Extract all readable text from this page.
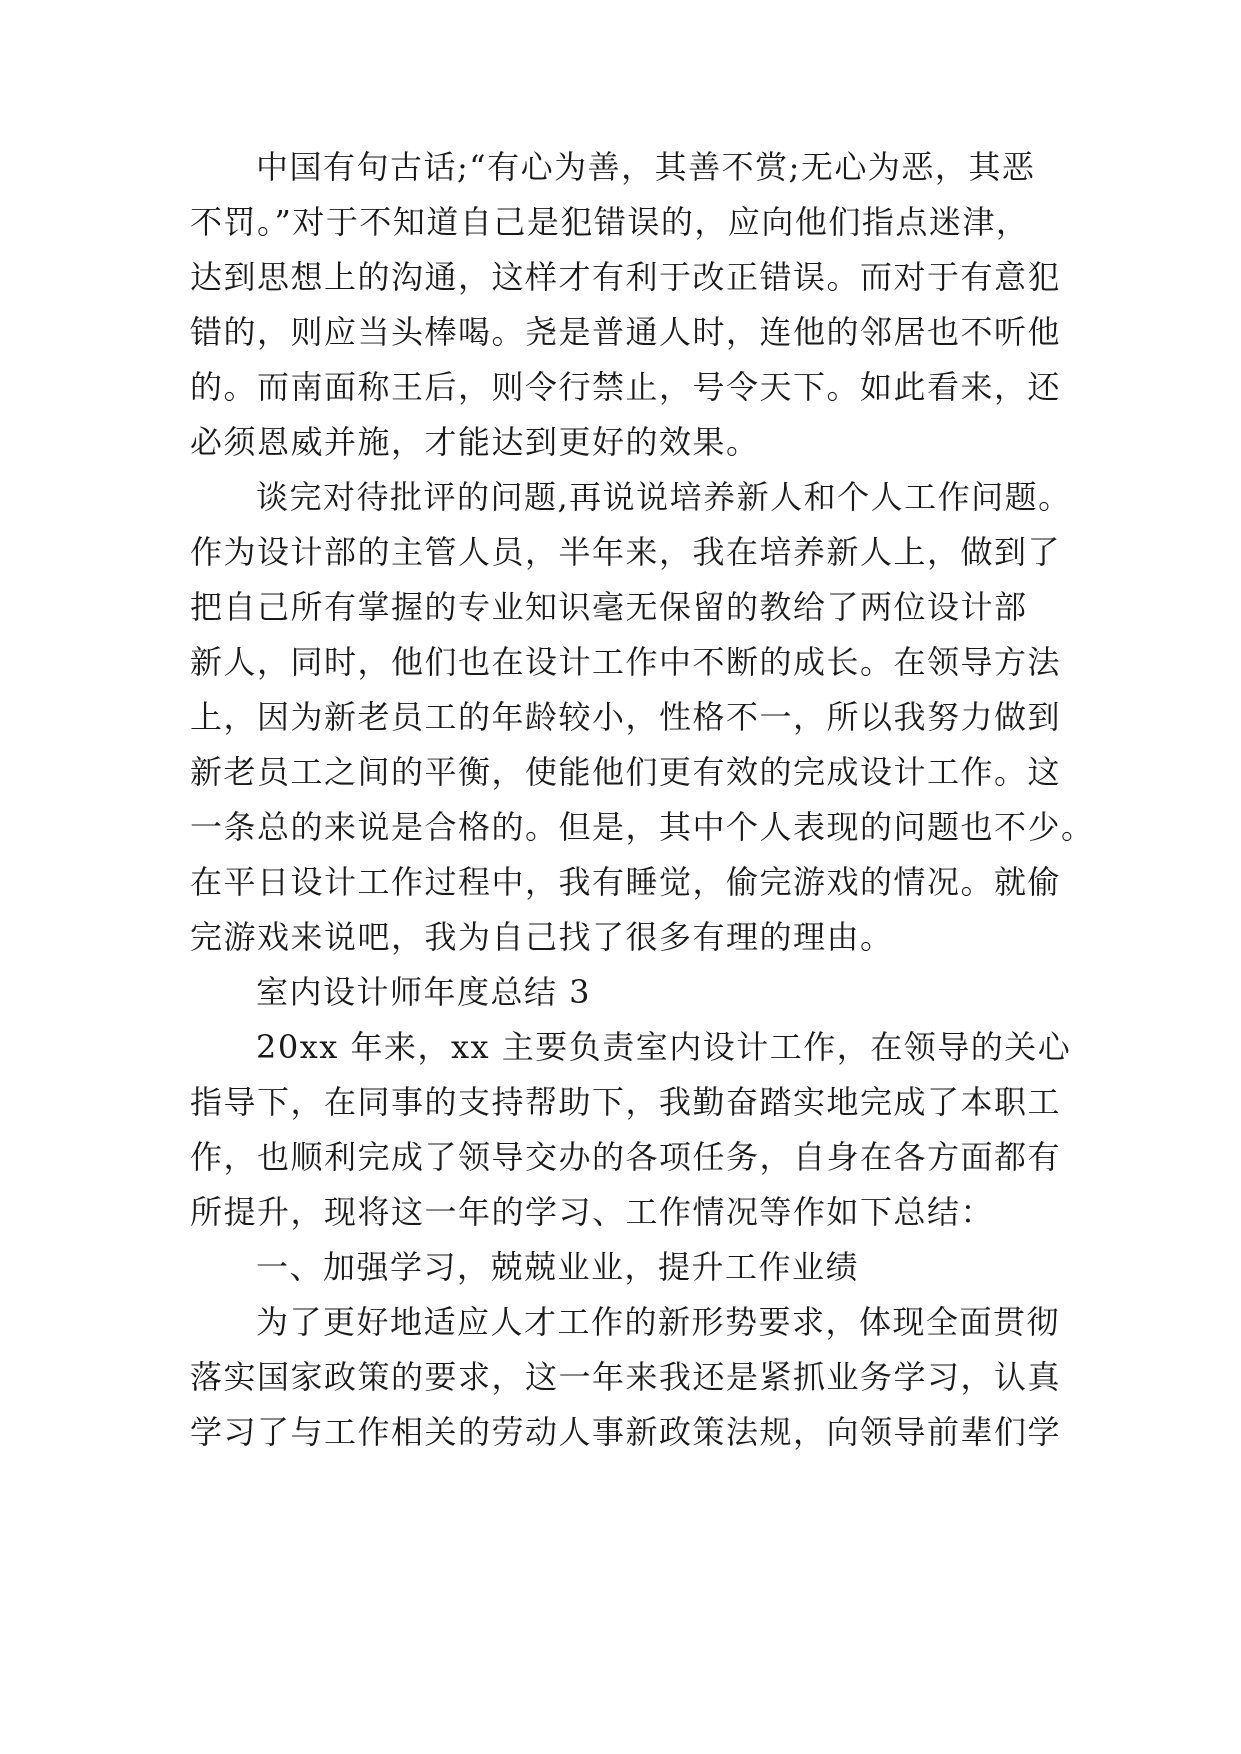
中国有句古话;“有心为善，其善不赏;无心为恶，其恶
不罚。”对于不知道自己是犯错误的，应向他们指点迷津，
达到思想上的沟通，这样才有利于改正错误。而对于有意犯
错的，则应当头棒喝。尧是普通人时，连他的邻居也不听他
的。而南面称王后，则令行禁止，号令天下。如此看来，还
必须恩威并施，才能达到更好的效果。
谈完对待批评的问题,再说说培养新人和个人工作问题。
作为设计部的主管人员，半年来，我在培养新人上，做到了
把自己所有掌握的专业知识毫无保留的教给了两位设计部
新人，同时，他们也在设计工作中不断的成长。在领导方法
上，因为新老员工的年龄较小，性格不一，所以我努力做到
新老员工之间的平衡，使能他们更有效的完成设计工作。这
一条总的来说是合格的。但是，其中个人表现的问题也不少。
在平日设计工作过程中，我有睡觉，偷完游戏的情况。就偷
完游戏来说吧，我为自己找了很多有理的理由。
室内设计师年度总结 3
20xx 年来，xx 主要负责室内设计工作，在领导的关心
指导下，在同事的支持帮助下，我勤奋踏实地完成了本职工
作，也顺利完成了领导交办的各项任务，自身在各方面都有
所提升，现将这一年的学习、工作情况等作如下总结：
一、加强学习，兢兢业业，提升工作业绩
为了更好地适应人才工作的新形势要求，体现全面贯彻
落实国家政策的要求，这一年来我还是紧抓业务学习，认真
学习了与工作相关的劳动人事新政策法规，向领导前辈们学
